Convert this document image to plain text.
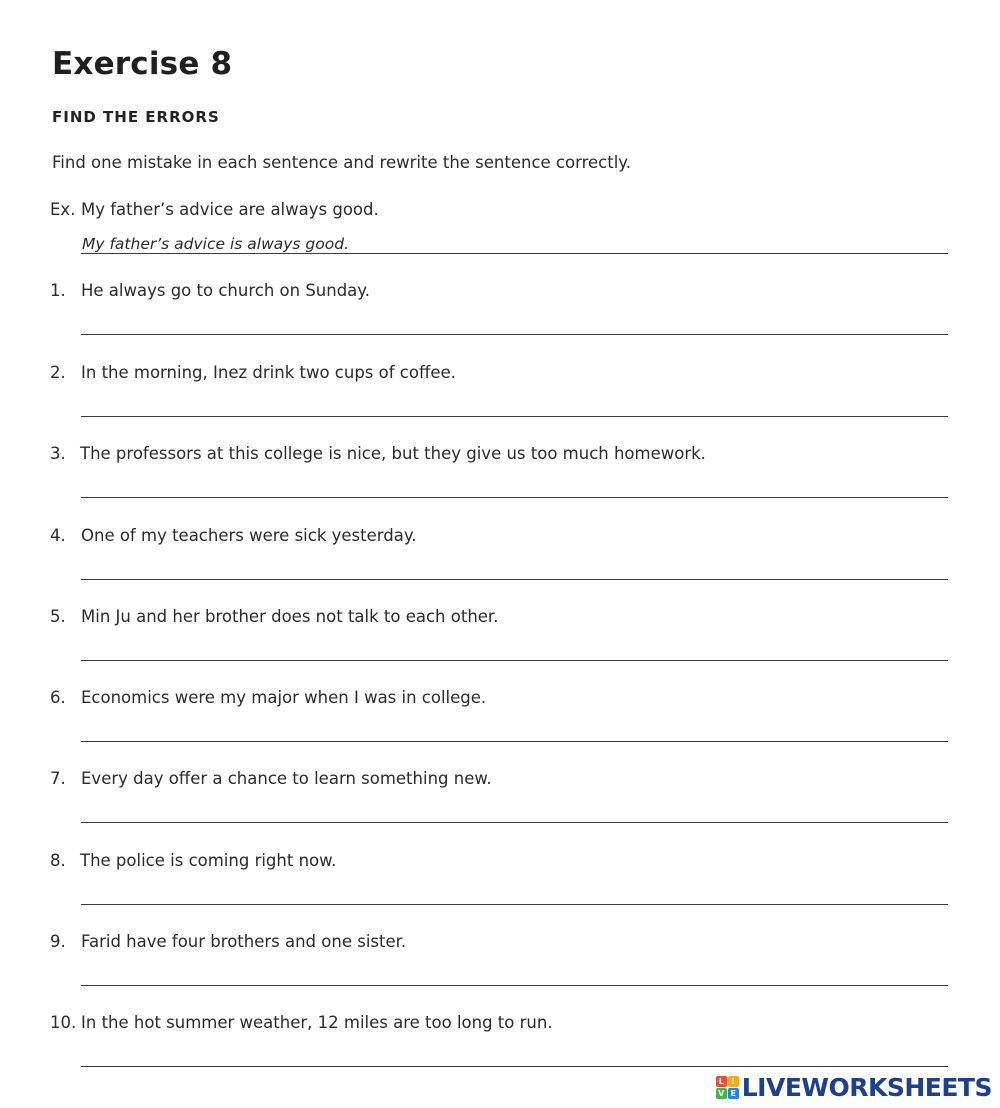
Exercise 8
FIND THE ERRORS
Find one mistake in each sentence and rewrite the sentence correctly.
Ex. My father’s advice are always good.
My father’s advice is always good.
1. He always go to church on Sunday.
2. In the morning, Inez drink two cups of coffee.
3. The professors at this college is nice, but they give us too much homework.
4. One of my teachers were sick yesterday.
5. Min Ju and her brother does not talk to each other.
6. Economics were my major when I was in college.
7. Every day offer a chance to learn something new.
8. The police is coming right now.
9. Farid have four brothers and one sister.
10. In the hot summer weather, 12 miles are too long to run.
L I
V E LIVEWORKSHEETS
